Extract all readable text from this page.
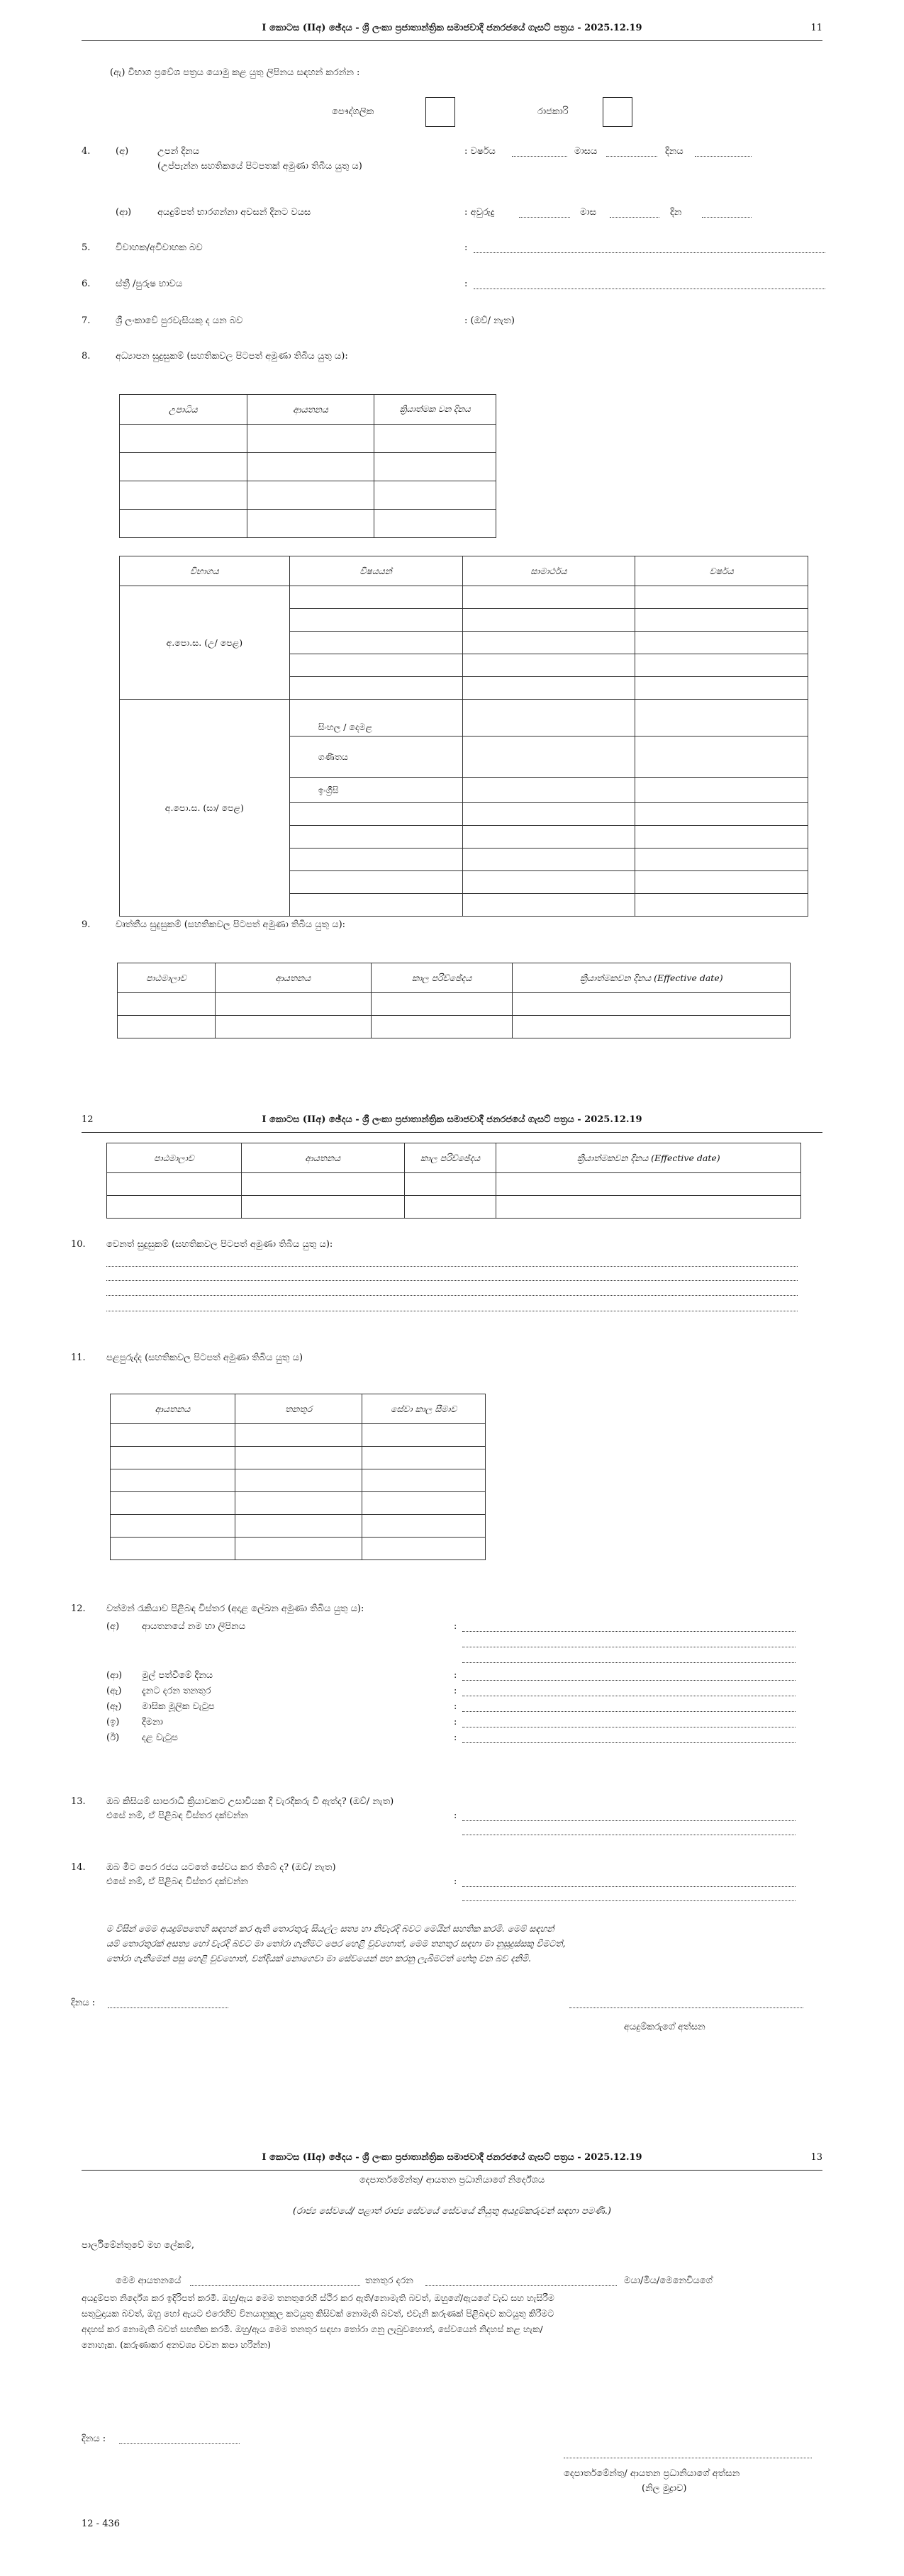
I කොටස (IIඅ) ඡේදය - ශ්‍රී ලංකා ප්‍රජාතාන්ත්‍රික සමාජවාදී ජනරජයේ ගැසට් පත්‍රය - 2025.12.19	11
(ඇ) විභාග ප්‍රවේශ පත්‍රය යොමු කළ යුතු ලිපිනය සඳහන් කරන්න :
පෞද්ගලික	රාජකාරි
4.	(අ)	උපන් දිනය
(උප්පැන්න සහතිකයේ පිටපතක් අමුණා තිබිය යුතු ය)
: වර්ෂය	මාසය	දිනය
(ආ)	අයදුම්පත් භාරගන්නා අවසන් දිනට වයස	: අවුරුදු	මාස	දින
5.	විවාහක/අවිවාහක බව	:
6.	ස්ත්‍රී /පුරුෂ භාවය	:
7.	ශ්‍රී ලංකාවේ පුරවැසියකු ද යන බව	: (ඔව්/ නැත)
8.	අධ්‍යාපන සුදුසුකම් (සහතිකවල පිටපත් අමුණා තිබිය යුතු ය):
උපාධිය	ආයතනය	ක්‍රියාත්මක වන දිනය

විභාගය	විෂයයන්	සාමාර්ථය	වර්ෂය
අ.පො.ස. (උ/ පෙළ)			

අ.පො.ස. (සා/ පෙළ)	සිංහල / දෙමළ		
	ගණිතය		
	ඉංග්‍රීසි		

9.	වෘත්තීය සුදුසුකම් (සහතිකවල පිටපත් අමුණා තිබිය යුතු ය):
පාඨමාලාව	ආයතනය	කාල පරිච්ඡේදය	ක්‍රියාත්මකවන දිනය (Effective date)

12	I කොටස (IIඅ) ඡේදය - ශ්‍රී ලංකා ප්‍රජාතාන්ත්‍රික සමාජවාදී ජනරජයේ ගැසට් පත්‍රය - 2025.12.19
පාඨමාලාව	ආයතනය	කාල පරිච්ඡේදය	ක්‍රියාත්මකවන දිනය (Effective date)

10. වෙනත් සුදුසුකම් (සහතිකවල පිටපත් අමුණා තිබිය යුතු ය):
11. පළපුරුද්ද (සහතිකවල පිටපත් අමුණා තිබිය යුතු ය)
ආයතනය	තනතුර	සේවා කාල සීමාව

12. වත්මන් රැකියාව පිළිබඳ විස්තර (අදාළ ලේඛන අමුණා තිබිය යුතු ය):
(අ) ආයතනයේ නම හා ලිපිනය	:
(ආ) මුල් පත්වීමේ දිනය	:
(ඇ) දැනට දරන තනතුර	:
(ඈ) මාසික මූලික වැටුප	:
(ඉ) දීමනා	:
(ඊ) දළ වැටුප	:
13. ඔබ කිසියම් සාපරාධී ක්‍රියාවකට උසාවියක දී වැරදිකරු වී ඇත්ද? (ඔව්/ නැත)
එසේ නම්, ඒ පිළිබඳ විස්තර දක්වන්න	:
14. ඔබ මීට පෙර රජය යටතේ සේවය කර තිබේ ද? (ඔව්/ නැත)
එසේ නම්, ඒ පිළිබඳ විස්තර දක්වන්න	:
ම විසින් මෙම අයදුම්පතෙහි සඳහන් කර ඇති තොරතුරු සියල්ල සත්‍ය හා නිවැරදි බවට මෙයින් සහතික කරමි. මෙම් සඳහන්
යම් තොරතුරක් අසත්‍ය හෝ වැරදි බවට මා තෝරා ගැනීමට පෙර හෙළි වුවහොත්, මෙම තනතුර සඳහා මා නුසුදුස්සකු වීමටත්,
තෝරා ගැනීමෙන් පසු හෙළි වුවහොත්, වන්දියක් නොගෙවා මා සේවයෙන් පහ කරනු ලැබීමටත් හේතු වන බව දනිමි.
දිනය :
අයදුම්කරුගේ අත්සන
I කොටස (IIඅ) ඡේදය - ශ්‍රී ලංකා ප්‍රජාතාන්ත්‍රික සමාජවාදී ජනරජයේ ගැසට් පත්‍රය - 2025.12.19	13
දෙපාර්තමේන්තු/ ආයතන ප්‍රධානියාගේ නිර්දේශය
(රාජ්‍ය සේවයේ/ පළාත් රාජ්‍ය සේවයේ සේවයේ නියුතු අයදුම්කරුවන් සඳහා පමණි.)
පාර්ලිමේන්තුවේ මහ ලේකම්,
මෙම ආයතනයේ	තනතුර දරන	මයා/මිය/මෙනෙවියගේ
අයදුම්පත නිර්දේශ කර ඉදිරිපත් කරමි. ඔහු/ඇය මෙම තනතුරෙහි ස්ථිර කර ඇති/නොමැති බවත්, ඔහුගේ/ඇයගේ වැඩ සහ හැසිරීම
සතුටුදායක බවත්, ඔහු හෝ ඇයට එරෙහිව විනයානුකූල කටයුතු කිසිවක් නොමැති බවත්, එවැනි කරුණක් පිළිබඳව කටයුතු කිරීමට
අදහස් කර නොමැති බවත් සහතික කරමි. ඔහු/ඇය මෙම තනතුර සඳහා තෝරා ගනු ලැබුවහොත්, සේවයෙන් නිදහස් කළ හැක/
නොහැක. (කරුණාකර අනවශ්‍ය වචන කපා හරින්න)
දිනය :
දෙපාර්තමේන්තු/ ආයතන ප්‍රධානියාගේ අත්සන
(නිල මුද්‍රාව)
12 - 436
